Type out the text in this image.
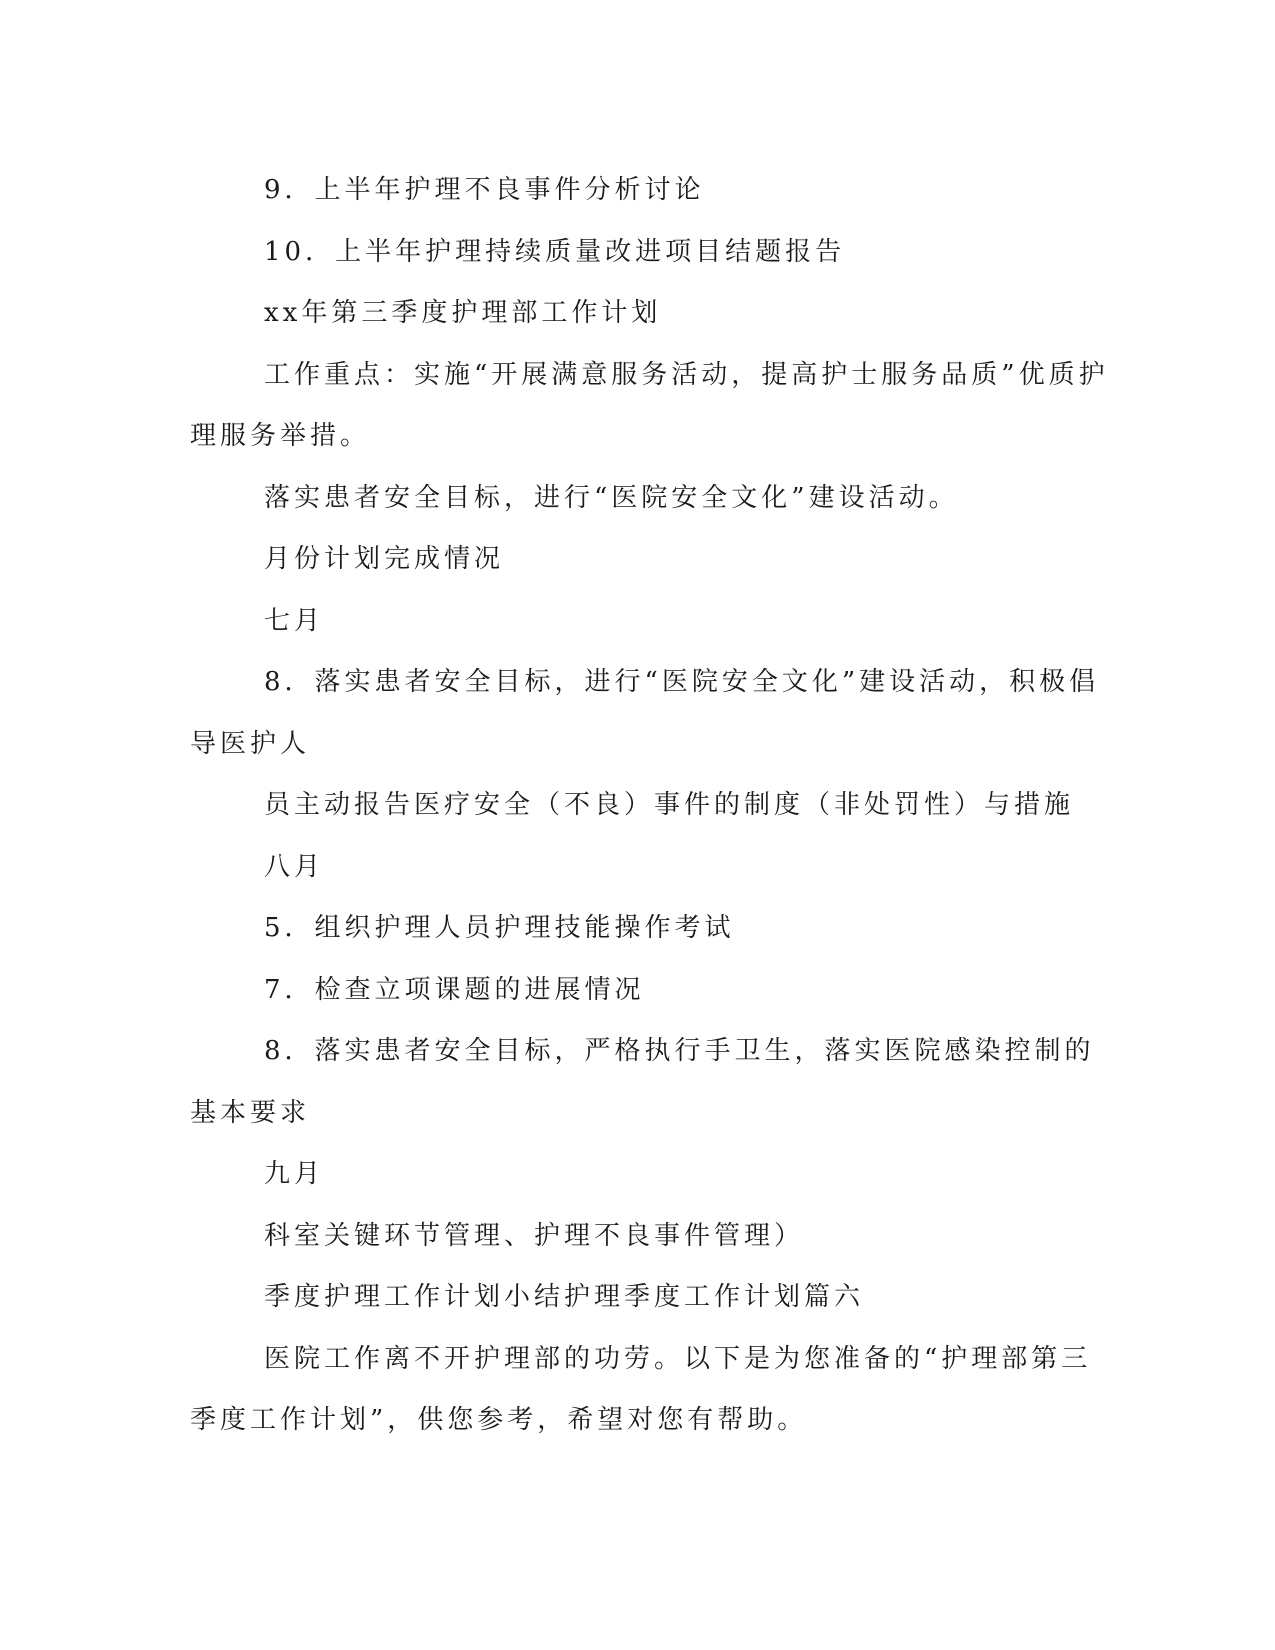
9．上半年护理不良事件分析讨论

10．上半年护理持续质量改进项目结题报告

xx年第三季度护理部工作计划

工作重点：实施“开展满意服务活动，提高护士服务品质”优质护

理服务举措。

落实患者安全目标，进行“医院安全文化”建设活动。

月份计划完成情况

七月

8．落实患者安全目标，进行“医院安全文化”建设活动，积极倡

导医护人

员主动报告医疗安全（不良）事件的制度（非处罚性）与措施

八月

5．组织护理人员护理技能操作考试

7．检查立项课题的进展情况

8．落实患者安全目标，严格执行手卫生，落实医院感染控制的

基本要求

九月

科室关键环节管理、护理不良事件管理）

季度护理工作计划小结护理季度工作计划篇六

医院工作离不开护理部的功劳。以下是为您准备的“护理部第三

季度工作计划”，供您参考，希望对您有帮助。
